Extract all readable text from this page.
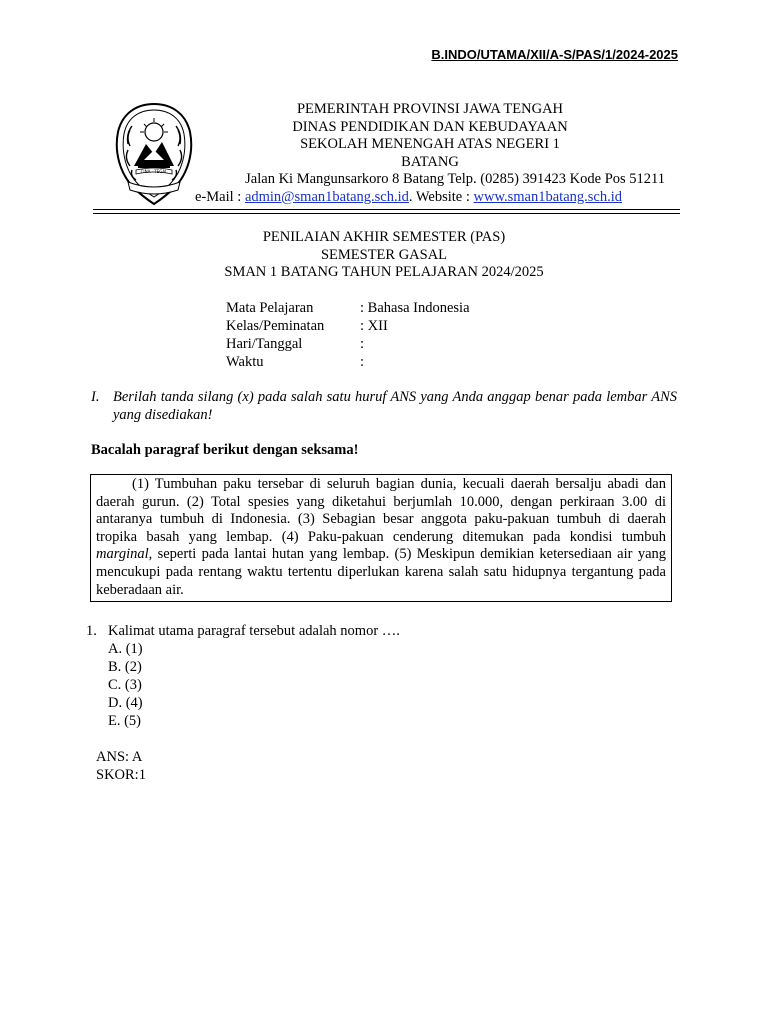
B.INDO/UTAMA/XII/A-S/PAS/1/2024-2025
CINA - TEGAL
PEMERINTAH PROVINSI JAWA TENGAH
DINAS PENDIDIKAN DAN KEBUDAYAAN
SEKOLAH MENENGAH ATAS NEGERI 1
BATANG
Jalan Ki Mangunsarkoro 8 Batang Telp. (0285) 391423 Kode Pos 51211
e-Mail : admin@sman1batang.sch.id. Website : www.sman1batang.sch.id
PENILAIAN AKHIR SEMESTER (PAS)
SEMESTER GASAL
SMAN 1 BATANG TAHUN PELAJARAN 2024/2025
Mata Pelajaran	: Bahasa Indonesia
Kelas/Peminatan	: XII
Hari/Tanggal	:
Waktu	:
I. Berilah tanda silang (x) pada salah satu huruf ANS yang Anda anggap benar pada lembar ANS yang disediakan!
Bacalah paragraf berikut dengan seksama!
(1) Tumbuhan paku tersebar di seluruh bagian dunia, kecuali daerah bersalju abadi dan daerah gurun. (2) Total spesies yang diketahui berjumlah 10.000, dengan perkiraan 3.00 di antaranya tumbuh di Indonesia. (3) Sebagian besar anggota paku-pakuan tumbuh di daerah tropika basah yang lembap. (4) Paku-pakuan cenderung ditemukan pada kondisi tumbuh marginal, seperti pada lantai hutan yang lembap. (5) Meskipun demikian ketersediaan air yang mencukupi pada rentang waktu tertentu diperlukan karena salah satu hidupnya tergantung pada keberadaan air.
1. Kalimat utama paragraf tersebut adalah nomor ….
A. (1)
B. (2)
C. (3)
D. (4)
E. (5)
ANS: A
SKOR:1
